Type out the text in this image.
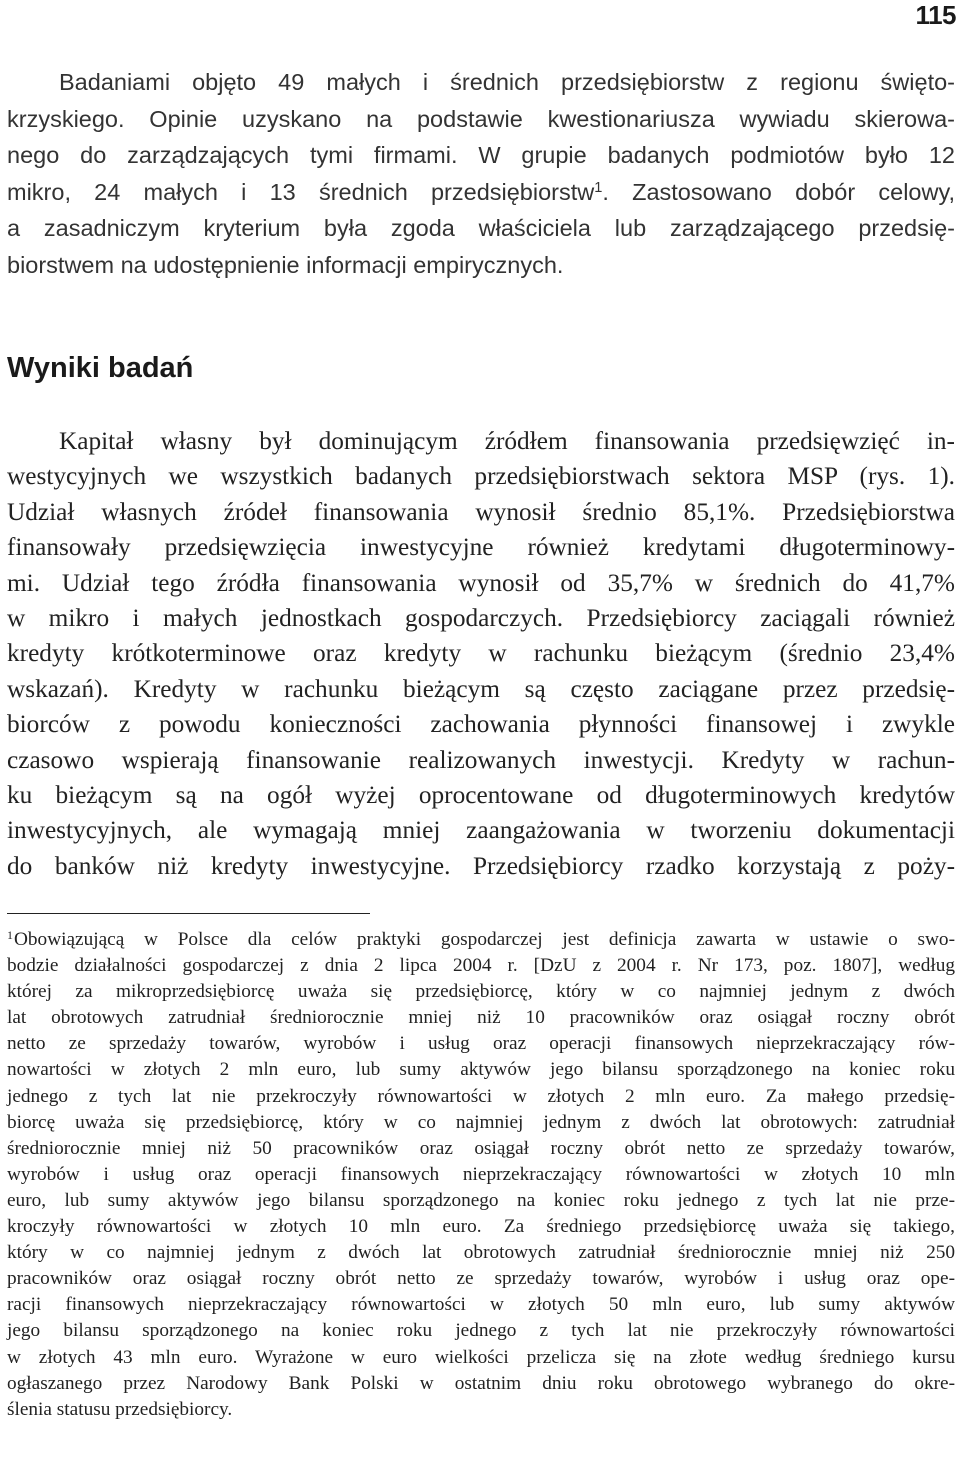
115
Badaniami objęto 49 małych i średnich przedsiębiorstw z regionu święto-
krzyskiego. Opinie uzyskano na podstawie kwestionariusza wywiadu skierowa-
nego do zarządzających tymi firmami. W grupie badanych podmiotów było 12
mikro, 24 małych i 13 średnich przedsiębiorstw$^1$. Zastosowano dobór celowy,
a zasadniczym kryterium była zgoda właściciela lub zarządzającego przedsię-
biorstwem na udostępnienie informacji empirycznych.
Wyniki badań
Kapitał własny był dominującym źródłem finansowania przedsięwzięć in-
westycyjnych we wszystkich badanych przedsiębiorstwach sektora MSP (rys. 1).
Udział własnych źródeł finansowania wynosił średnio 85,1%. Przedsiębiorstwa
finansowały przedsięwzięcia inwestycyjne również kredytami długoterminowy-
mi. Udział tego źródła finansowania wynosił od 35,7% w średnich do 41,7%
w mikro i małych jednostkach gospodarczych. Przedsiębiorcy zaciągali również
kredyty krótkoterminowe oraz kredyty w rachunku bieżącym (średnio 23,4%
wskazań). Kredyty w rachunku bieżącym są często zaciągane przez przedsię-
biorców z powodu konieczności zachowania płynności finansowej i zwykle
czasowo wspierają finansowanie realizowanych inwestycji. Kredyty w rachun-
ku bieżącym są na ogół wyżej oprocentowane od długoterminowych kredytów
inwestycyjnych, ale wymagają mniej zaangażowania w tworzeniu dokumentacji
do banków niż kredyty inwestycyjne. Przedsiębiorcy rzadko korzystają z poży-
$^1$Obowiązującą w Polsce dla celów praktyki gospodarczej jest definicja zawarta w ustawie o swo-
bodzie działalności gospodarczej z dnia 2 lipca 2004 r. [DzU z 2004 r. Nr 173, poz. 1807], według
której za mikroprzedsiębiorcę uważa się przedsiębiorcę, który w co najmniej jednym z dwóch
lat obrotowych zatrudniał średniorocznie mniej niż 10 pracowników oraz osiągał roczny obrót
netto ze sprzedaży towarów, wyrobów i usług oraz operacji finansowych nieprzekraczający rów-
nowartości w złotych 2 mln euro, lub sumy aktywów jego bilansu sporządzonego na koniec roku
jednego z tych lat nie przekroczyły równowartości w złotych 2 mln euro. Za małego przedsię-
biorcę uważa się przedsiębiorcę, który w co najmniej jednym z dwóch lat obrotowych: zatrudniał
średniorocznie mniej niż 50 pracowników oraz osiągał roczny obrót netto ze sprzedaży towarów,
wyrobów i usług oraz operacji finansowych nieprzekraczający równowartości w złotych 10 mln
euro, lub sumy aktywów jego bilansu sporządzonego na koniec roku jednego z tych lat nie prze-
kroczyły równowartości w złotych 10 mln euro. Za średniego przedsiębiorcę uważa się takiego,
który w co najmniej jednym z dwóch lat obrotowych zatrudniał średniorocznie mniej niż 250
pracowników oraz osiągał roczny obrót netto ze sprzedaży towarów, wyrobów i usług oraz ope-
racji finansowych nieprzekraczający równowartości w złotych 50 mln euro, lub sumy aktywów
jego bilansu sporządzonego na koniec roku jednego z tych lat nie przekroczyły równowartości
w złotych 43 mln euro. Wyrażone w euro wielkości przelicza się na złote według średniego kursu
ogłaszanego przez Narodowy Bank Polski w ostatnim dniu roku obrotowego wybranego do okre-
ślenia statusu przedsiębiorcy.
